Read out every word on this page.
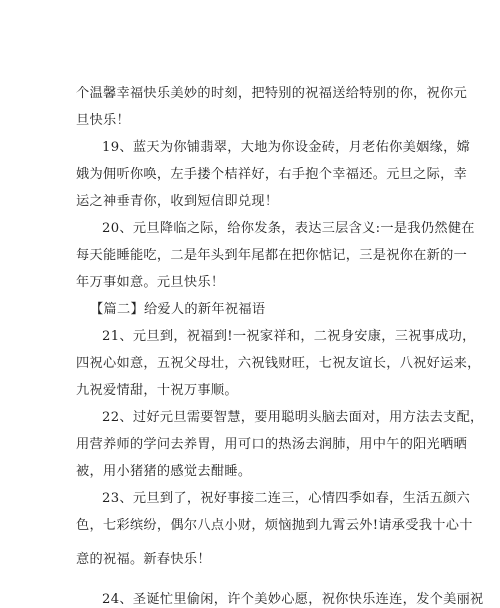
个温馨幸福快乐美妙的时刻，把特别的祝福送给特别的你，祝你元
旦快乐！
19、蓝天为你铺翡翠，大地为你设金砖，月老佑你美姻缘，嫦
娥为佣听你唤，左手搂个桔祥好，右手抱个幸福还。元旦之际，幸
运之神垂青你，收到短信即兑现！
20、元旦降临之际，给你发条，表达三层含义:一是我仍然健在
每天能睡能吃，二是年头到年尾都在把你惦记，三是祝你在新的一
年万事如意。元旦快乐！
【篇二】给爱人的新年祝福语
21、元旦到，祝福到!一祝家祥和，二祝身安康，三祝事成功，
四祝心如意，五祝父母壮，六祝钱财旺，七祝友谊长，八祝好运来，
九祝爱情甜，十祝万事顺。
22、过好元旦需要智慧，要用聪明头脑去面对，用方法去支配，
用营养师的学问去养胃，用可口的热汤去润肺，用中午的阳光晒晒
被，用小猪猪的感觉去酣睡。
23、元旦到了，祝好事接二连三，心情四季如春，生活五颜六
色，七彩缤纷，偶尔八点小财，烦恼抛到九霄云外!请承受我十心十
意的祝福。新春快乐！
24、圣诞忙里偷闲，许个美妙心愿，祝你快乐连连，发个美丽祝
